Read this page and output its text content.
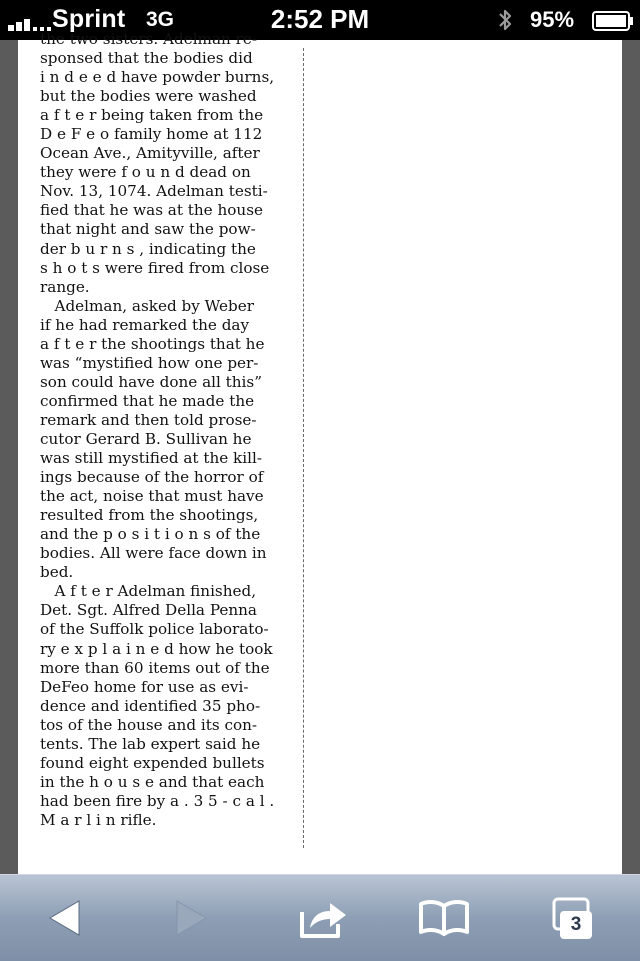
Sprint 3G	2:52 PM	95%
the two sisters. Adelman re-
sponsed that the bodies did
i n d e e d have powder burns,
but the bodies were washed
a f t e r being taken from the
D e F e o family home at 112
Ocean Ave., Amityville, after
they were f o u n d dead on
Nov. 13, 1074. Adelman testi-
fied that he was at the house
that night and saw the pow-
der b u r n s , indicating the
s h o t s were fired from close
range.
Adelman, asked by Weber
if he had remarked the day
a f t e r the shootings that he
was “mystified how one per-
son could have done all this”
confirmed that he made the
remark and then told prose-
cutor Gerard B. Sullivan he
was still mystified at the kill-
ings because of the horror of
the act, noise that must have
resulted from the shootings,
and the p o s i t i o n s of the
bodies. All were face down in
bed.
A f t e r Adelman finished,
Det. Sgt. Alfred Della Penna
of the Suffolk police laborato-
ry e x p l a i n e d how he took
more than 60 items out of the
DeFeo home for use as evi-
dence and identified 35 pho-
tos of the house and its con-
tents. The lab expert said he
found eight expended bullets
in the h o u s e and that each
had been fire by a . 3 5 - c a l .
M a r l i n rifle.
3
